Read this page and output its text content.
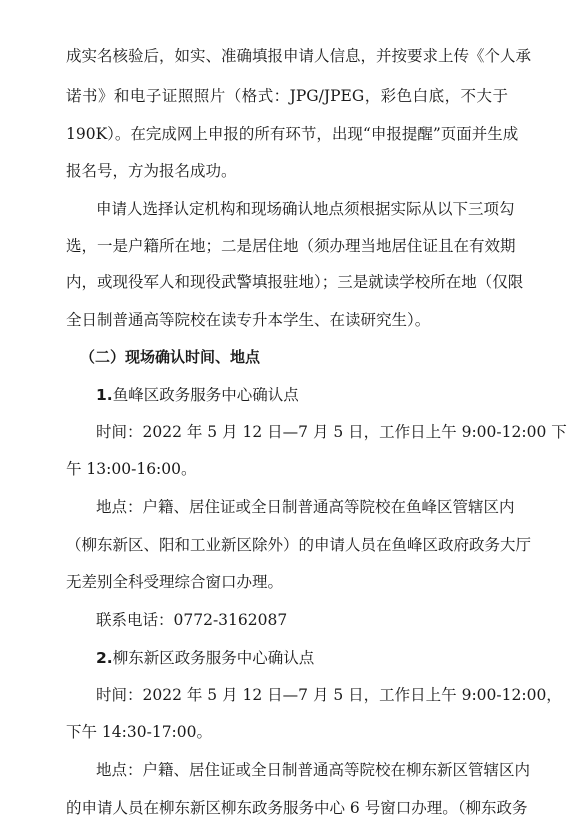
成实名核验后，如实、准确填报申请人信息，并按要求上传《个人承
诺书》和电子证照照片（格式：JPG/JPEG，彩色白底，不大于
190K）。在完成网上申报的所有环节，出现“申报提醒”页面并生成
报名号，方为报名成功。
申请人选择认定机构和现场确认地点须根据实际从以下三项勾
选，一是户籍所在地；二是居住地（须办理当地居住证且在有效期
内，或现役军人和现役武警填报驻地）；三是就读学校所在地（仅限
全日制普通高等院校在读专升本学生、在读研究生）。
（二）现场确认时间、地点
1.鱼峰区政务服务中心确认点
时间：2022 年 5 月 12 日—7 月 5 日，工作日上午 9:00-12:00 下
午 13:00-16:00。
地点：户籍、居住证或全日制普通高等院校在鱼峰区管辖区内
（柳东新区、阳和工业新区除外）的申请人员在鱼峰区政府政务大厅
无差别全科受理综合窗口办理。
联系电话：0772-3162087
2.柳东新区政务服务中心确认点
时间：2022 年 5 月 12 日—7 月 5 日，工作日上午 9:00-12:00，
下午 14:30-17:00。
地点：户籍、居住证或全日制普通高等院校在柳东新区管辖区内
的申请人员在柳东新区柳东政务服务中心 6 号窗口办理。（柳东政务
